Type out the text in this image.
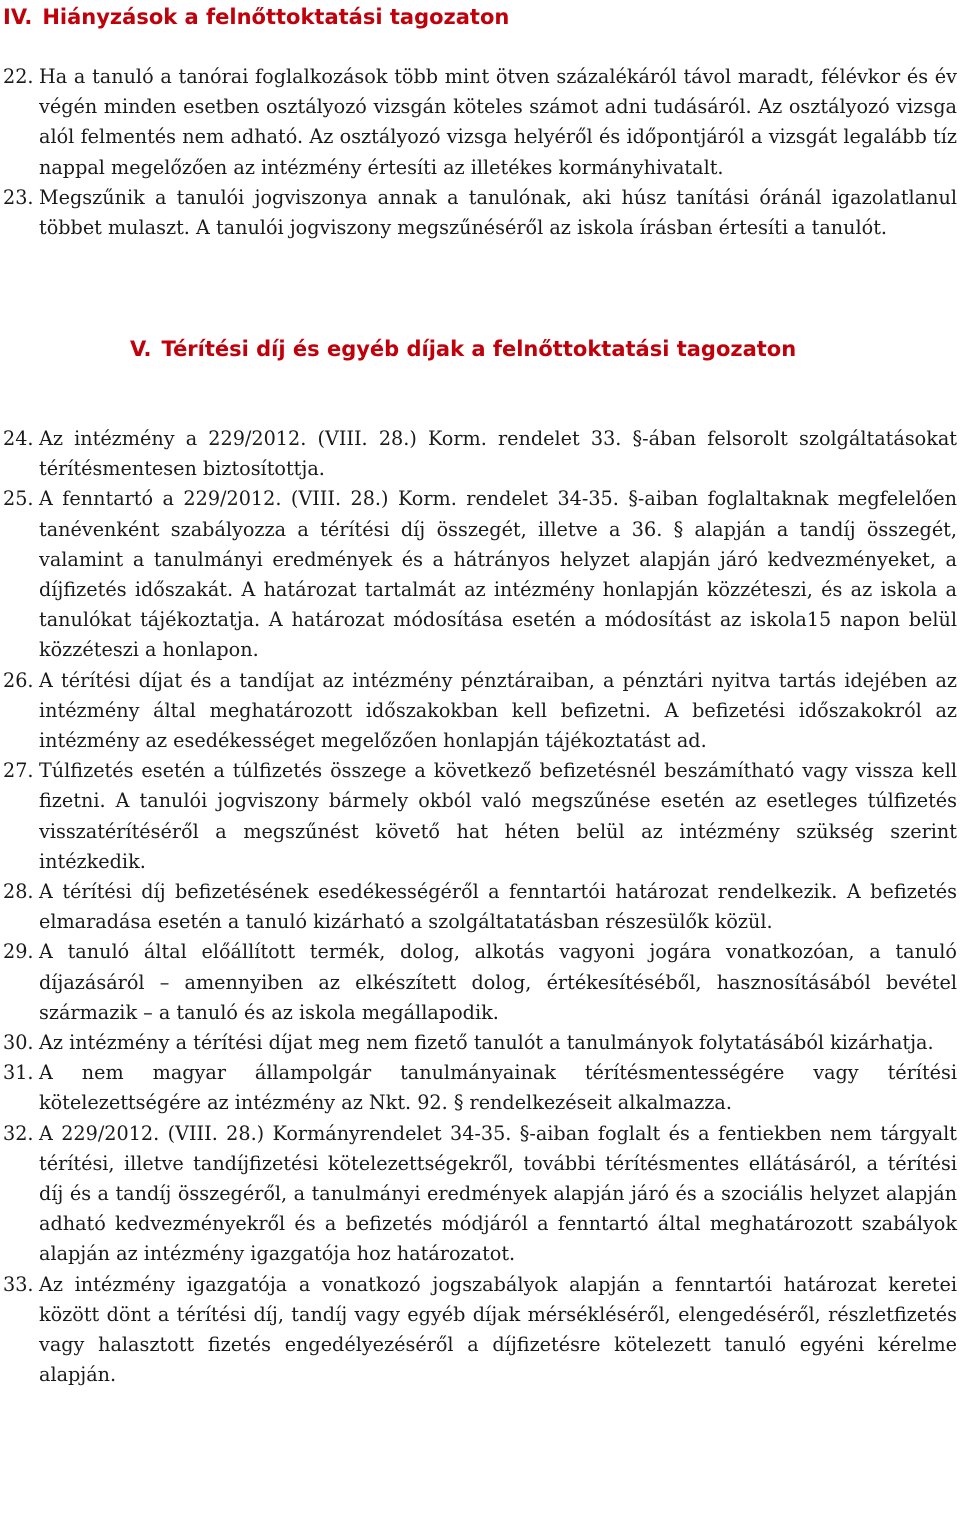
IV. Hiányzások a felnőttoktatási tagozaton
22. Ha a tanuló a tanórai foglalkozások több mint ötven százalékáról távol maradt, félévkor és év végén minden esetben osztályozó vizsgán köteles számot adni tudásáról. Az osztályozó vizsga alól felmentés nem adható. Az osztályozó vizsga helyéről és időpontjáról a vizsgát legalább tíz nappal megelőzően az intézmény értesíti az illetékes kormányhivatalt.
23. Megszűnik a tanulói jogviszonya annak a tanulónak, aki húsz tanítási óránál igazolatlanul többet mulaszt. A tanulói jogviszony megszűnéséről az iskola írásban értesíti a tanulót.
V. Térítési díj és egyéb díjak a felnőttoktatási tagozaton
24. Az intézmény a 229/2012. (VIII. 28.) Korm. rendelet 33. §-ában felsorolt szolgáltatásokat térítésmentesen biztosítottja.
25. A fenntartó a 229/2012. (VIII. 28.) Korm. rendelet 34-35. §-aiban foglaltaknak megfelelően tanévenként szabályozza a térítési díj összegét, illetve a 36. § alapján a tandíj összegét, valamint a tanulmányi eredmények és a hátrányos helyzet alapján járó kedvezményeket, a díjfizetés időszakát. A határozat tartalmát az intézmény honlapján közzéteszi, és az iskola a tanulókat tájékoztatja. A határozat módosítása esetén a módosítást az iskola15 napon belül közzéteszi a honlapon.
26. A térítési díjat és a tandíjat az intézmény pénztáraiban, a pénztári nyitva tartás idejében az intézmény által meghatározott időszakokban kell befizetni. A befizetési időszakokról az intézmény az esedékességet megelőzően honlapján tájékoztatást ad.
27. Túlfizetés esetén a túlfizetés összege a következő befizetésnél beszámítható vagy vissza kell fizetni. A tanulói jogviszony bármely okból való megszűnése esetén az esetleges túlfizetés visszatérítéséről a megszűnést követő hat héten belül az intézmény szükség szerint intézkedik.
28. A térítési díj befizetésének esedékességéről a fenntartói határozat rendelkezik. A befizetés elmaradása esetén a tanuló kizárható a szolgáltatatásban részesülők közül.
29. A tanuló által előállított termék, dolog, alkotás vagyoni jogára vonatkozóan, a tanuló díjazásáról – amennyiben az elkészített dolog, értékesítéséből, hasznosításából bevétel származik – a tanuló és az iskola megállapodik.
30. Az intézmény a térítési díjat meg nem fizető tanulót a tanulmányok folytatásából kizárhatja.
31. A nem magyar állampolgár tanulmányainak térítésmentességére vagy térítési kötelezettségére az intézmény az Nkt. 92. § rendelkezéseit alkalmazza.
32. A 229/2012. (VIII. 28.) Kormányrendelet 34-35. §-aiban foglalt és a fentiekben nem tárgyalt térítési, illetve tandíjfizetési kötelezettségekről, további térítésmentes ellátásáról, a térítési díj és a tandíj összegéről, a tanulmányi eredmények alapján járó és a szociális helyzet alapján adható kedvezményekről és a befizetés módjáról a fenntartó által meghatározott szabályok alapján az intézmény igazgatója hoz határozatot.
33. Az intézmény igazgatója a vonatkozó jogszabályok alapján a fenntartói határozat keretei között dönt a térítési díj, tandíj vagy egyéb díjak mérsékléséről, elengedéséről, részletfizetés vagy halasztott fizetés engedélyezéséről a díjfizetésre kötelezett tanuló egyéni kérelme alapján.
